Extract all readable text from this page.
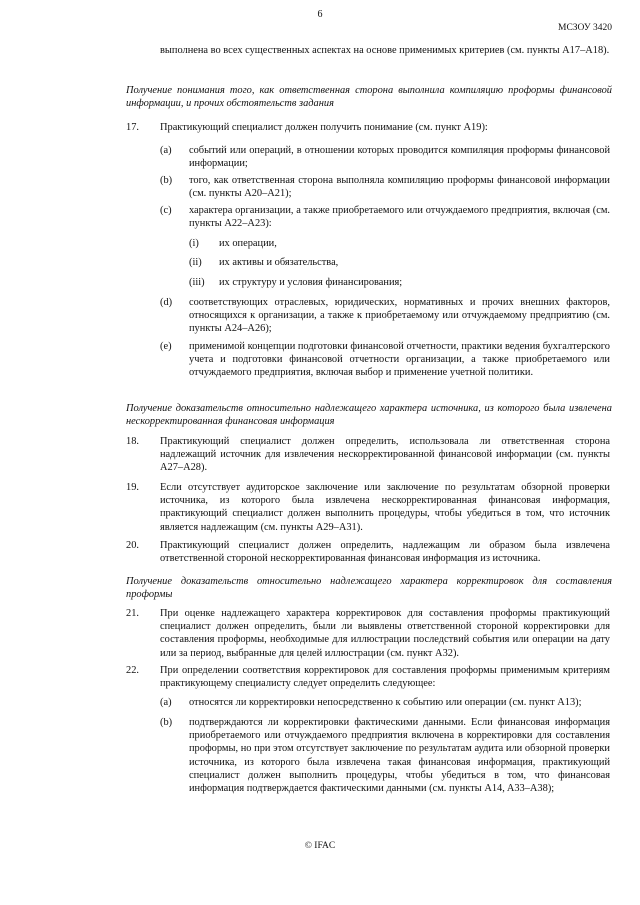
6
МСЗОУ 3420
выполнена во всех существенных аспектах на основе применимых критериев (см. пункты A17–A18).
Получение понимания того, как ответственная сторона выполнила компиляцию проформы финансовой информации, и прочих обстоятельств задания
17.	Практикующий специалист должен получить понимание (см. пункт A19):
(a) событий или операций, в отношении которых проводится компиляция проформы финансовой информации;
(b) того, как ответственная сторона выполняла компиляцию проформы финансовой информации (см. пункты A20–A21);
(c) характера организации, а также приобретаемого или отчуждаемого предприятия, включая (см. пункты A22–A23):
(i) их операции,
(ii) их активы и обязательства,
(iii) их структуру и условия финансирования;
(d) соответствующих отраслевых, юридических, нормативных и прочих внешних факторов, относящихся к организации, а также к приобретаемому или отчуждаемому предприятию (см. пункты A24–A26);
(e) применимой концепции подготовки финансовой отчетности, практики ведения бухгалтерского учета и подготовки финансовой отчетности организации, а также приобретаемого или отчуждаемого предприятия, включая выбор и применение учетной политики.
Получение доказательств относительно надлежащего характера источника, из которого была извлечена нескорректированная финансовая информация
18.	Практикующий специалист должен определить, использовала ли ответственная сторона надлежащий источник для извлечения нескорректированной финансовой информации (см. пункты A27–A28).
19.	Если отсутствует аудиторское заключение или заключение по результатам обзорной проверки источника, из которого была извлечена нескорректированная финансовая информация, практикующий специалист должен выполнить процедуры, чтобы убедиться в том, что источник является надлежащим (см. пункты A29–A31).
20.	Практикующий специалист должен определить, надлежащим ли образом была извлечена ответственной стороной нескорректированная финансовая информация из источника.
Получение доказательств относительно надлежащего характера корректировок для составления проформы
21.	При оценке надлежащего характера корректировок для составления проформы практикующий специалист должен определить, были ли выявлены ответственной стороной корректировки для составления проформы, необходимые для иллюстрации последствий события или операции на дату или за период, выбранные для целей иллюстрации (см. пункт A32).
22.	При определении соответствия корректировок для составления проформы применимым критериям практикующему специалисту следует определить следующее:
(a) относятся ли корректировки непосредственно к событию или операции (см. пункт A13);
(b) подтверждаются ли корректировки фактическими данными. Если финансовая информация приобретаемого или отчуждаемого предприятия включена в корректировки для составления проформы, но при этом отсутствует заключение по результатам аудита или обзорной проверки источника, из которого была извлечена такая финансовая информация, практикующий специалист должен выполнить процедуры, чтобы убедиться в том, что финансовая информация подтверждается фактическими данными (см. пункты A14, A33–A38);
© IFAC
